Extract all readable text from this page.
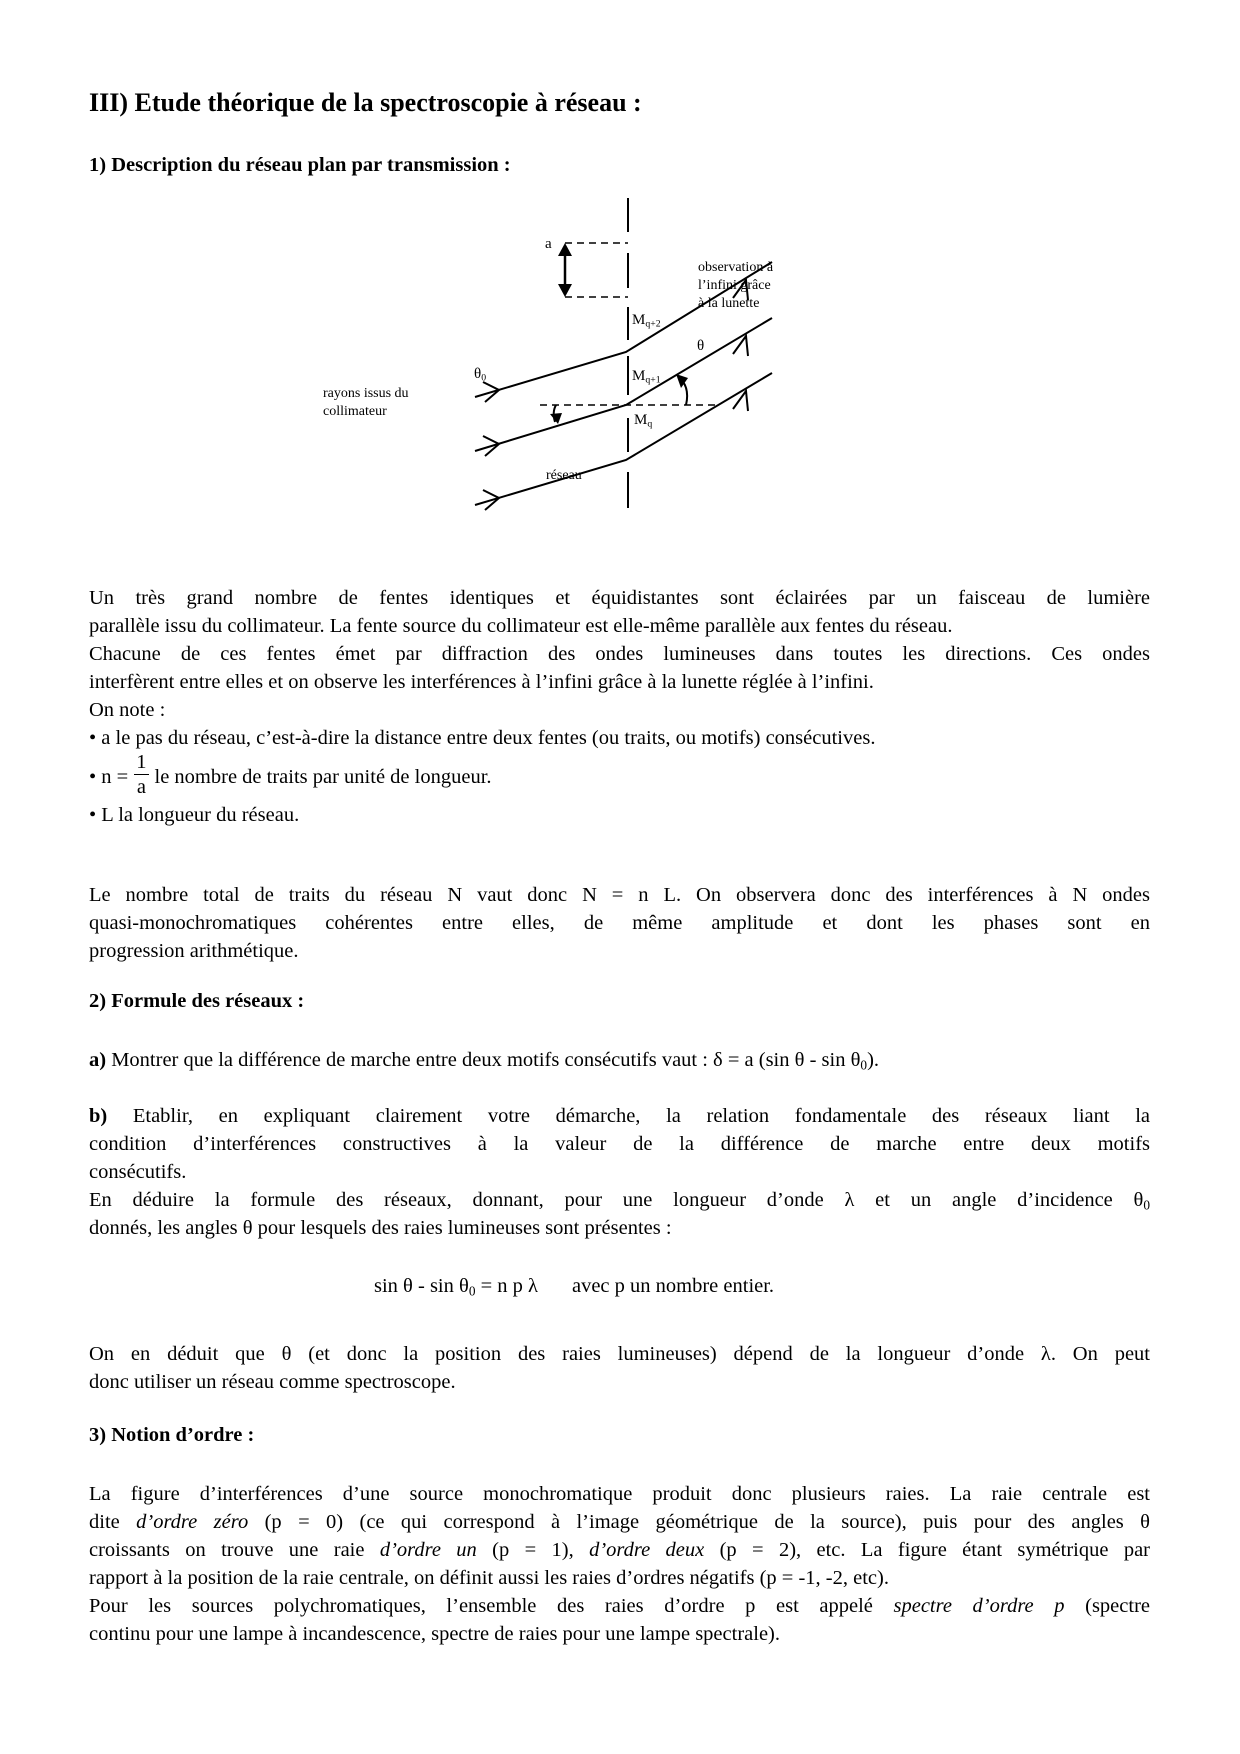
III) Etude théorique de la spectroscopie à réseau :
1) Description du réseau plan par transmission :
a
observation à
l’infini grâce
à la lunette
rayons issus du
collimateur
réseau
θ
$\theta_0$
$M_{q+2}$
$M_{q+1}$
$M_q$
Un très grand nombre de fentes identiques et équidistantes sont éclairées par un faisceau de lumière
parallèle issu du collimateur. La fente source du collimateur est elle-même parallèle aux fentes du réseau.
Chacune de ces fentes émet par diffraction des ondes lumineuses dans toutes les directions. Ces ondes
interfèrent entre elles et on observe les interférences à l’infini grâce à la lunette réglée à l’infini.
On note :
• a le pas du réseau, c’est-à-dire la distance entre deux fentes (ou traits, ou motifs) consécutives.
• $n = \frac{1}{a}$ le nombre de traits par unité de longueur.
• L la longueur du réseau.
Le nombre total de traits du réseau N vaut donc N = n L. On observera donc des interférences à N ondes
quasi-monochromatiques cohérentes entre elles, de même amplitude et dont les phases sont en
progression arithmétique.
2) Formule des réseaux :
a) Montrer que la différence de marche entre deux motifs consécutifs vaut : δ = a (sin θ - $\sin \theta_0$).
b) Etablir, en expliquant clairement votre démarche, la relation fondamentale des réseaux liant la
condition d’interférences constructives à la valeur de la différence de marche entre deux motifs
consécutifs.
En déduire la formule des réseaux, donnant, pour une longueur d’onde λ et un angle d’incidence $\theta_0$
donnés, les angles θ pour lesquels des raies lumineuses sont présentes :
$\sin \theta - \sin \theta_0 = n$ p λ avec p un nombre entier.
On en déduit que θ (et donc la position des raies lumineuses) dépend de la longueur d’onde λ. On peut
donc utiliser un réseau comme spectroscope.
3) Notion d’ordre :
La figure d’interférences d’une source monochromatique produit donc plusieurs raies. La raie centrale est
dite d’ordre zéro (p = 0) (ce qui correspond à l’image géométrique de la source), puis pour des angles θ
croissants on trouve une raie d’ordre un (p = 1), d’ordre deux (p = 2), etc. La figure étant symétrique par
rapport à la position de la raie centrale, on définit aussi les raies d’ordres négatifs (p = -1, -2, etc).
Pour les sources polychromatiques, l’ensemble des raies d’ordre p est appelé spectre d’ordre p (spectre
continu pour une lampe à incandescence, spectre de raies pour une lampe spectrale).
